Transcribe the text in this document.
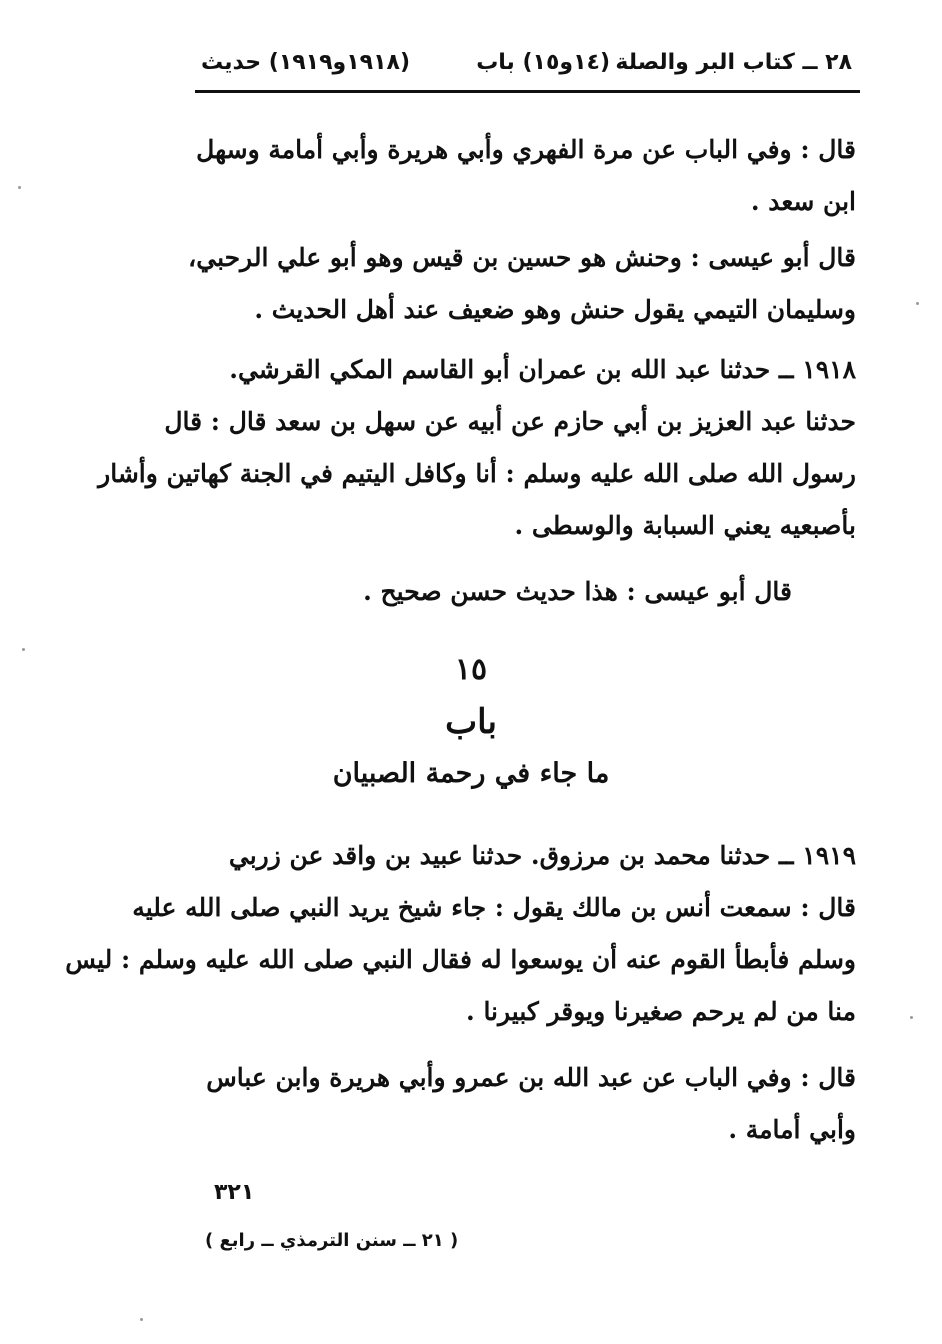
٢٨ ــ كتاب البر والصلة
(١٤و١٥) باب
(١٩١٨و١٩١٩) حديث
قال : وفي الباب عن مرة الفهري وأبي هريرة وأبي أمامة وسهل
ابن سعد .
قال أبو عيسى : وحنش هو حسين بن قيس وهو أبو علي الرحبي،
وسليمان التيمي يقول حنش وهو ضعيف عند أهل الحديث .
١٩١٨ ــ حدثنا عبد الله بن عمران أبو القاسم المكي القرشي.
حدثنا عبد العزيز بن أبي حازم عن أبيه عن سهل بن سعد قال : قال
رسول الله صلى الله عليه وسلم : أنا وكافل اليتيم في الجنة كهاتين وأشار
بأصبعيه يعني السبابة والوسطى .
قال أبو عيسى : هذا حديث حسن صحيح .
١٥
باب
ما جاء في رحمة الصبيان
١٩١٩ ــ حدثنا محمد بن مرزوق. حدثنا عبيد بن واقد عن زربي
قال : سمعت أنس بن مالك يقول : جاء شيخ يريد النبي صلى الله عليه
وسلم فأبطأ القوم عنه أن يوسعوا له فقال النبي صلى الله عليه وسلم : ليس
منا من لم يرحم صغيرنا ويوقر كبيرنا .
قال : وفي الباب عن عبد الله بن عمرو وأبي هريرة وابن عباس
وأبي أمامة .
٣٢١
( ٢١ ــ سنن الترمذي ــ رابع )
